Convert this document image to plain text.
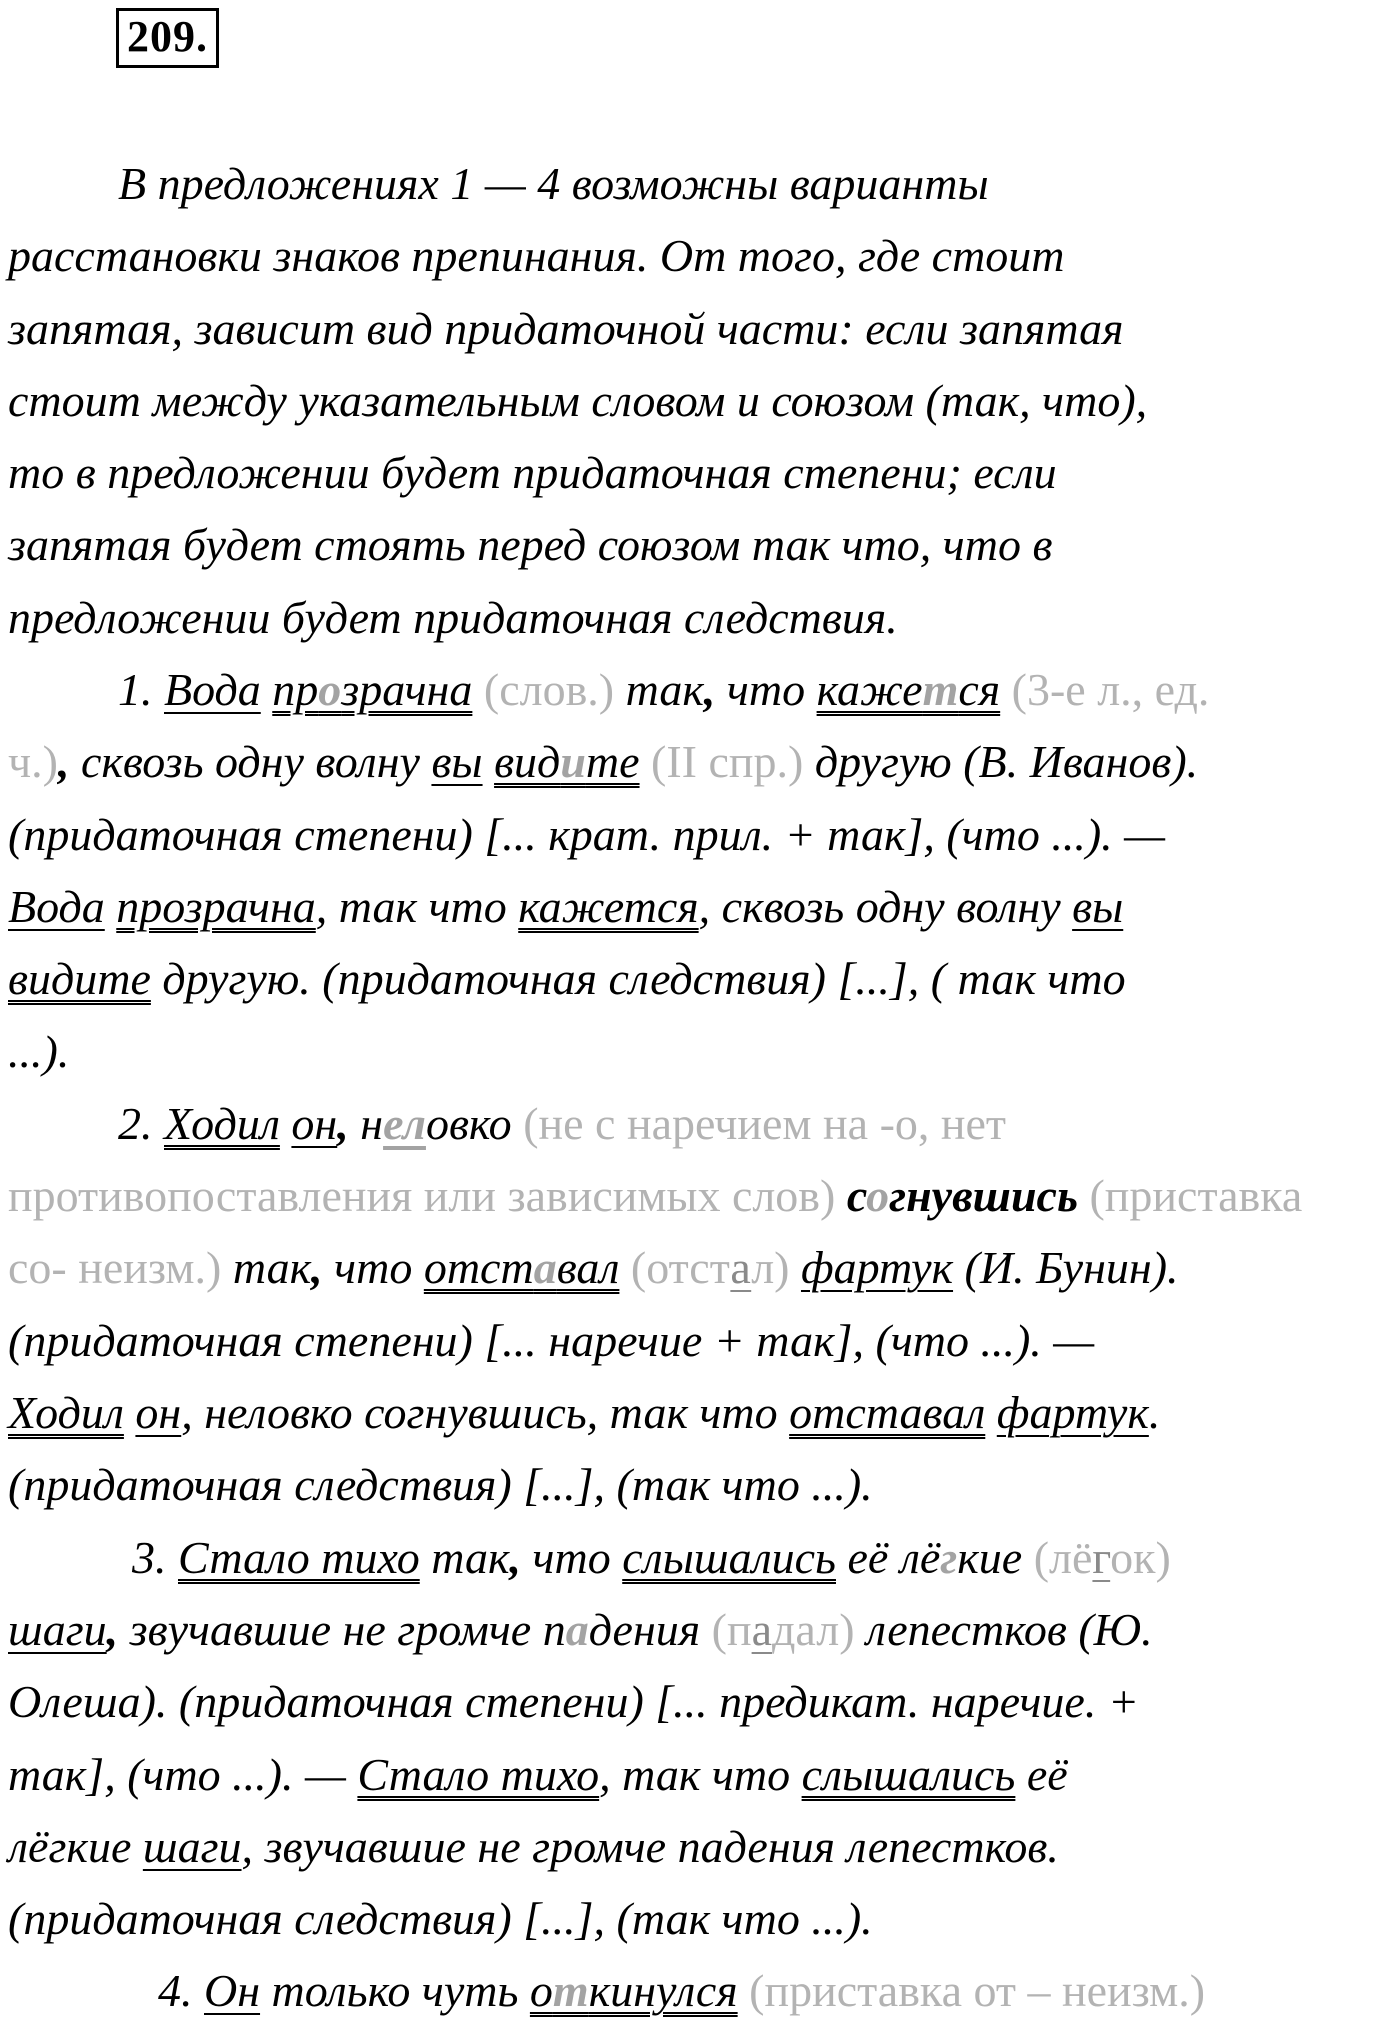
209.
В предложениях 1 — 4 возможны варианты
расстановки знаков препинания. От того, где стоит
запятая, зависит вид придаточной части: если запятая
стоит между указательным словом и союзом (так, что),
то в предложении будет придаточная степени; если
запятая будет стоять перед союзом так что, что в
предложении будет придаточная следствия.
1. Вода прозрачна (слов.) так, что кажется (3-е л., ед.
ч.), сквозь одну волну вы видите (II спр.) другую (В. Иванов).
(придаточная степени) [... крат. прил. + так], (что ...). —
Вода прозрачна, так что кажется, сквозь одну волну вы
видите другую. (придаточная следствия) [...], ( так что
...).
2. Ходил он, неловко (не с наречием на -о, нет
противопоставления или зависимых слов) согнувшись (приставка
со- неизм.) так, что отставал (отстал) фартук (И. Бунин).
(придаточная степени) [... наречие + так], (что ...). —
Ходил он, неловко согнувшись, так что отставал фартук.
(придаточная следствия) [...], (так что ...).
3. Стало тихо так, что слышались её лёгкие (лёгок)
шаги, звучавшие не громче падения (падал) лепестков (Ю.
Олеша). (придаточная степени) [... предикат. наречие. +
так], (что ...). — Стало тихо, так что слышались её
лёгкие шаги, звучавшие не громче падения лепестков.
(придаточная следствия) [...], (так что ...).
4. Он только чуть откинулся (приставка от – неизм.)
